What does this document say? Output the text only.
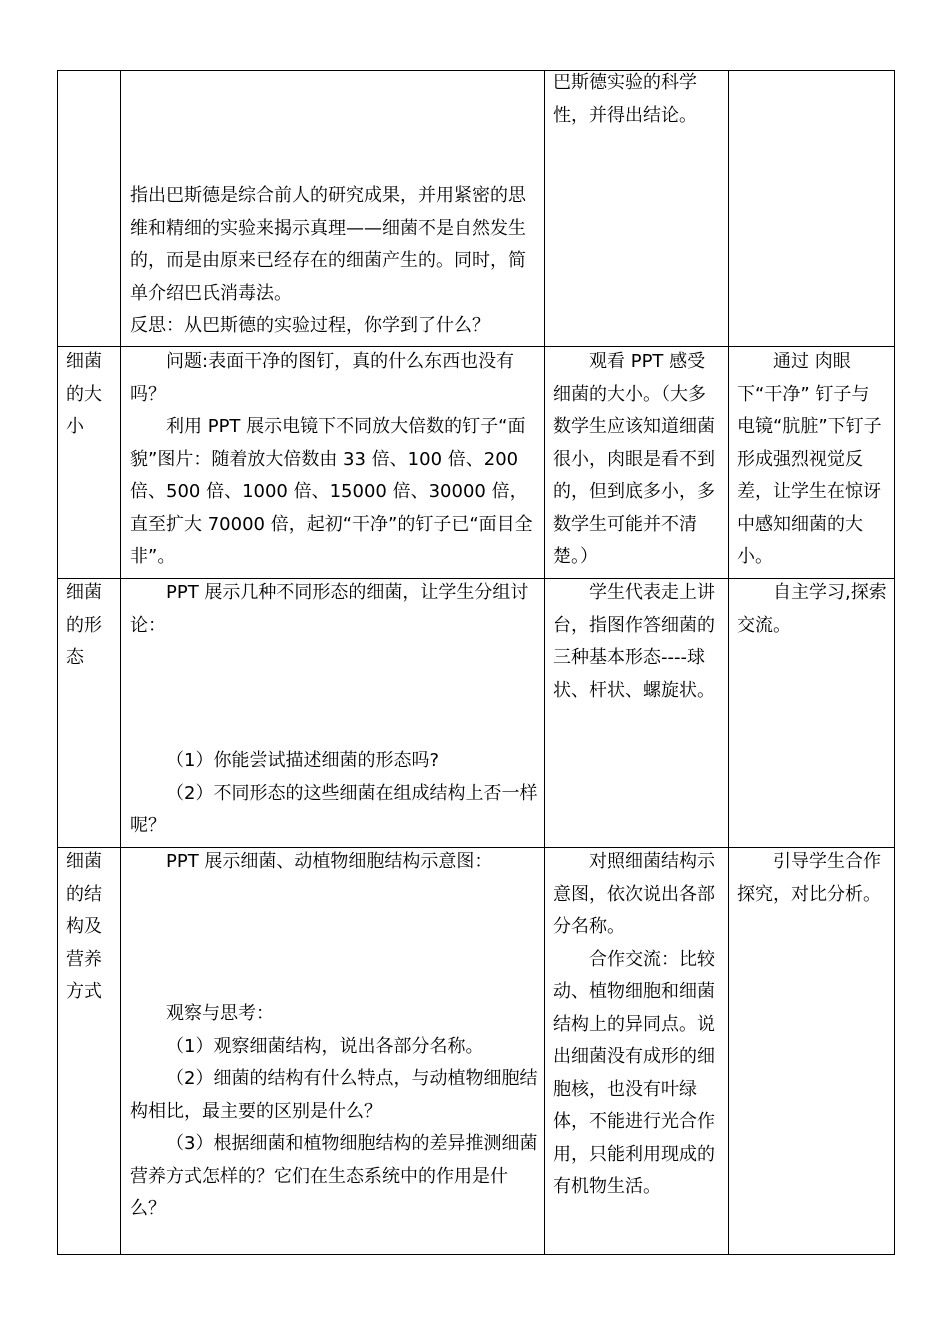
指出巴斯德是综合前人的研究成果，并用紧密的思维和精细的实验来揭示真理——细菌不是自然发生的，而是由原来已经存在的细菌产生的。同时，简单介绍巴氏消毒法。

反思：从巴斯德的实验过程，你学到了什么？

巴斯德实验的科学性，并得出结论。

细菌的大小

问题:表面干净的图钉，真的什么东西也没有吗？

利用 PPT 展示电镜下不同放大倍数的钉子“面貌”图片：随着放大倍数由 33 倍、100 倍、200 倍、500 倍、1000 倍、15000 倍、30000 倍，直至扩大 70000 倍，起初“干净”的钉子已“面目全非”。

观看 PPT 感受细菌的大小。（大多数学生应该知道细菌很小，肉眼是看不到的，但到底多小，多数学生可能并不清楚。）

通过 肉眼下“干净” 钉子与电镜“肮脏”下钉子形成强烈视觉反差，让学生在惊讶中感知细菌的大小。

细菌的形态

PPT 展示几种不同形态的细菌，让学生分组讨论：

（1）你能尝试描述细菌的形态吗?

（2）不同形态的这些细菌在组成结构上否一样呢？

学生代表走上讲台，指图作答细菌的三种基本形态----球状、杆状、螺旋状。

自主学习,探索交流。

细菌的结构及营养方式

PPT 展示细菌、动植物细胞结构示意图：

观察与思考：

（1）观察细菌结构，说出各部分名称。

（2）细菌的结构有什么特点，与动植物细胞结构相比，最主要的区别是什么？

（3）根据细菌和植物细胞结构的差异推测细菌营养方式怎样的？它们在生态系统中的作用是什么？

对照细菌结构示意图，依次说出各部分名称。

合作交流：比较动、植物细胞和细菌结构上的异同点。说出细菌没有成形的细胞核，也没有叶绿体，不能进行光合作用，只能利用现成的有机物生活。

引导学生合作探究，对比分析。
